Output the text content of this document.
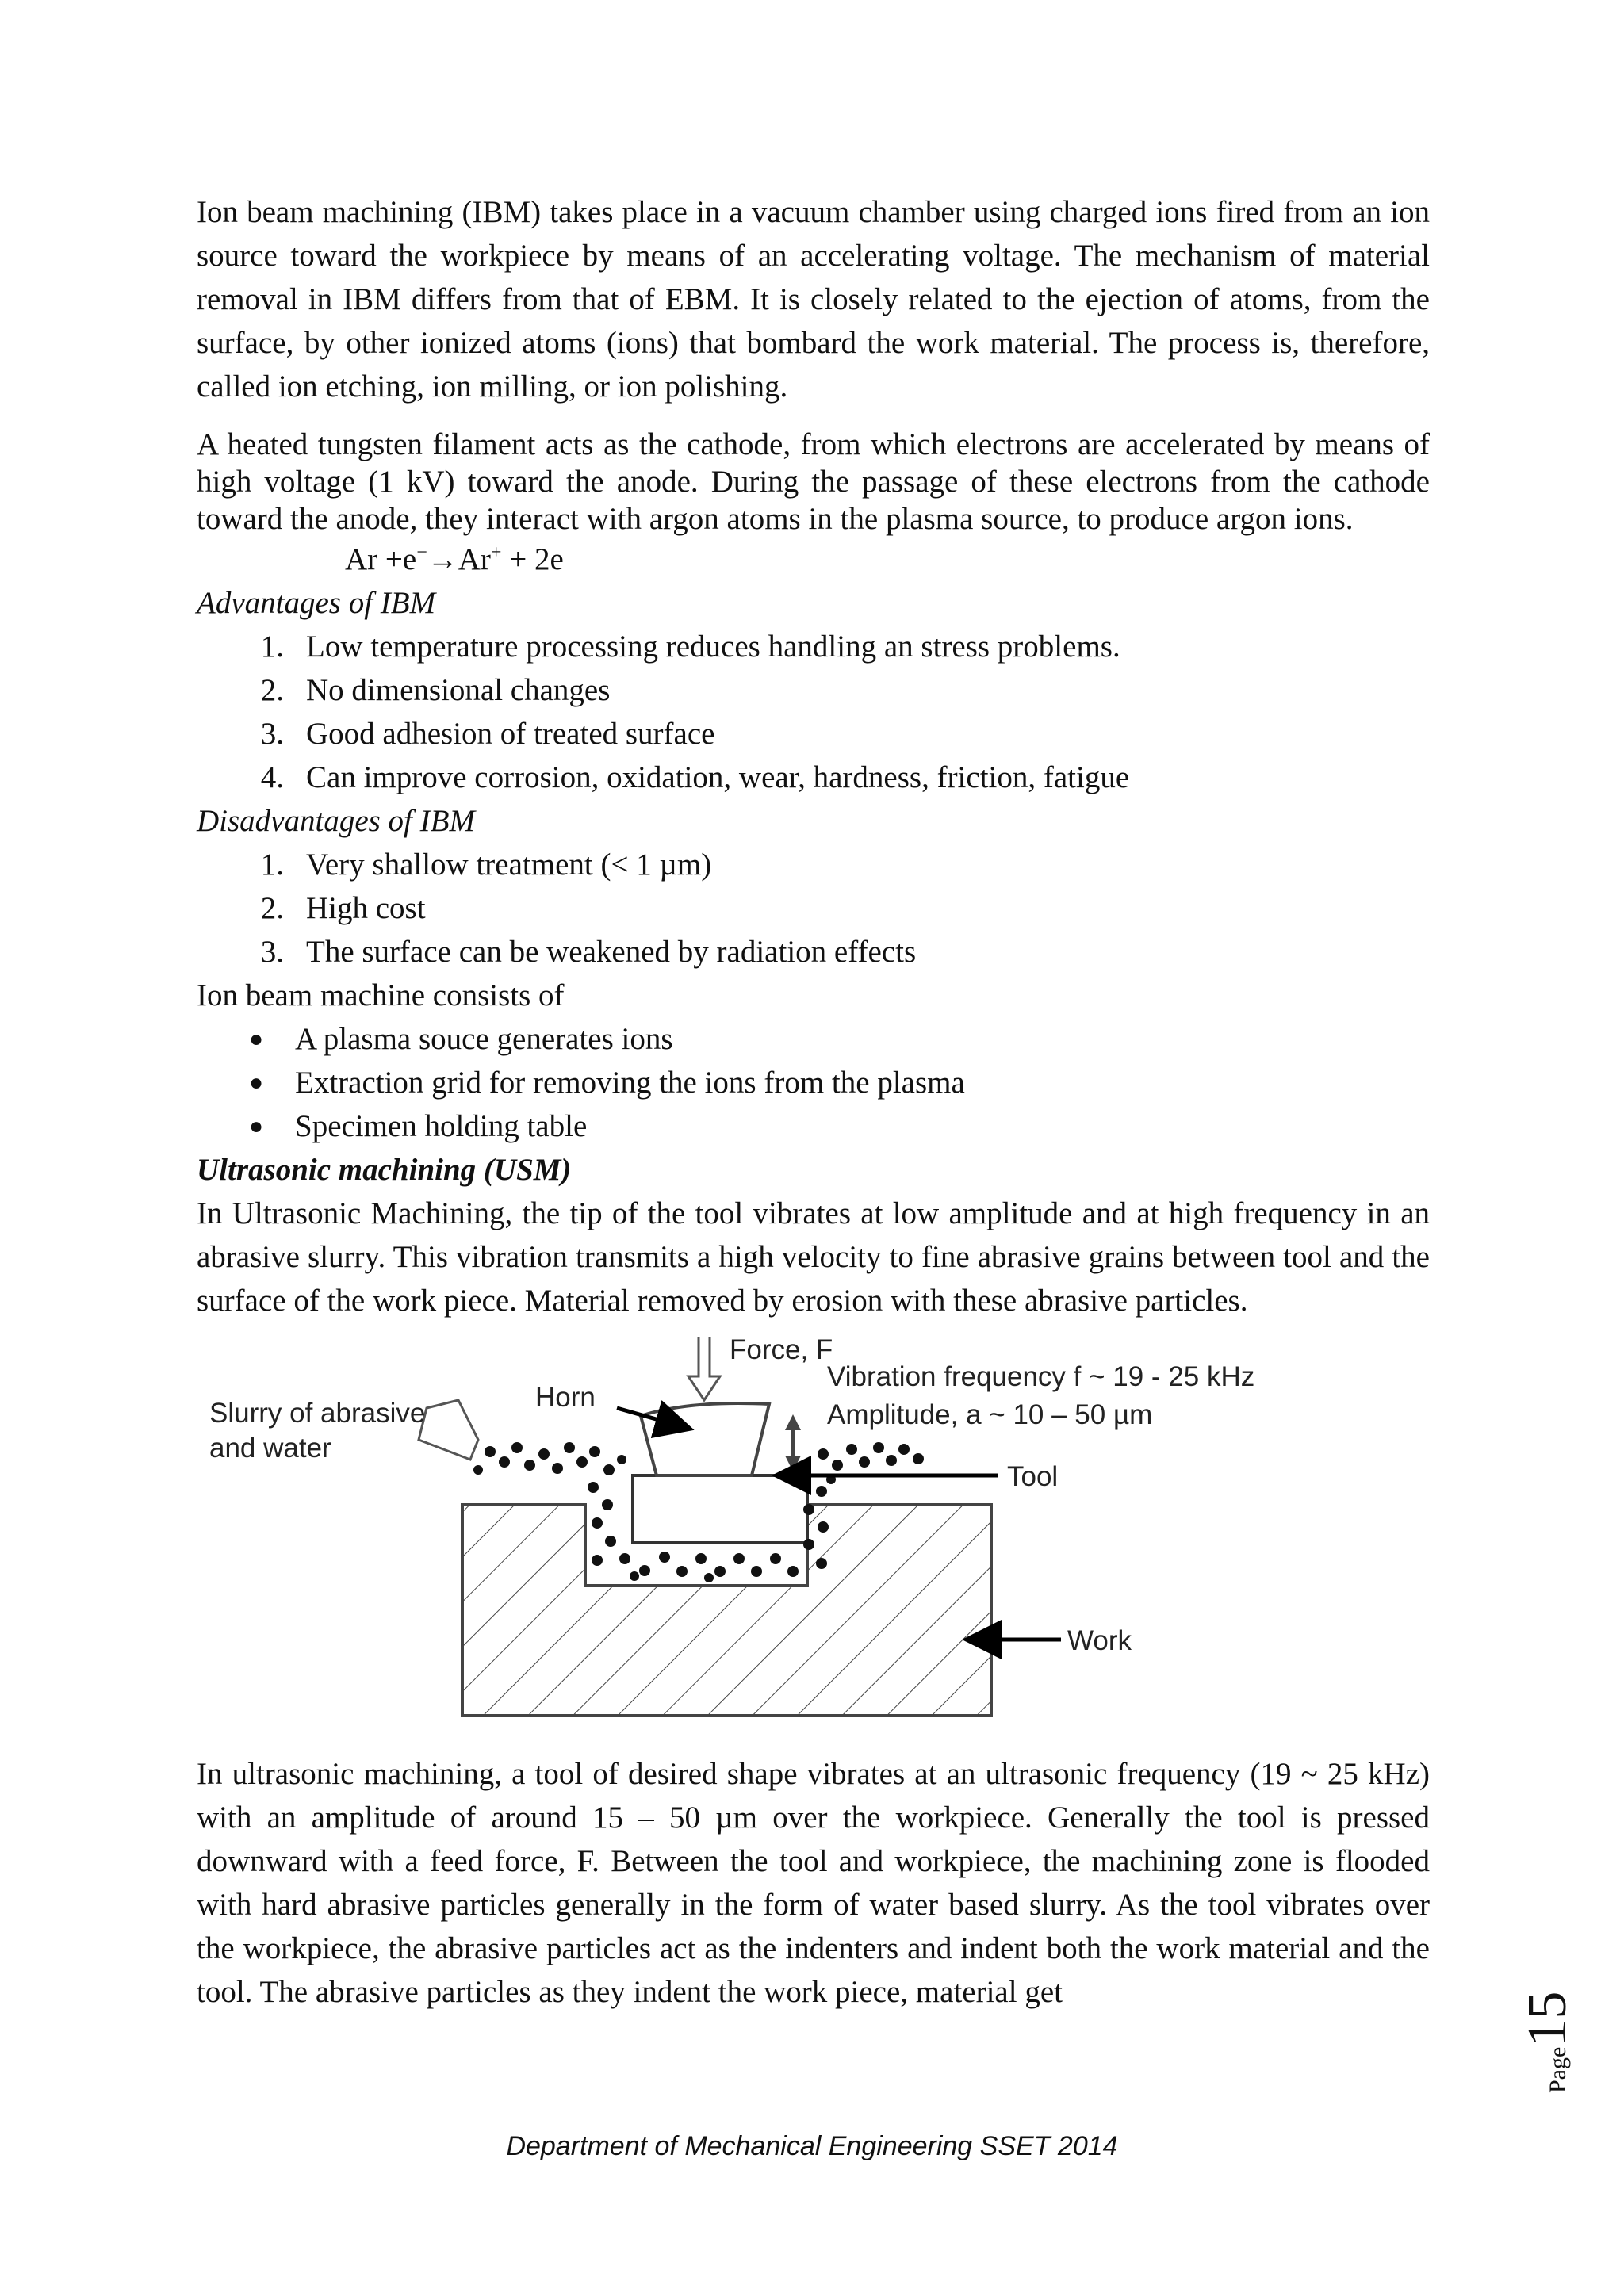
Ion beam machining (IBM) takes place in a vacuum chamber using charged ions fired from an ion source toward the workpiece by means of an accelerating voltage. The mechanism of material removal in IBM differs from that of EBM. It is closely related to the ejection of atoms, from the surface, by other ionized atoms (ions) that bombard the work material. The process is, therefore, called ion etching, ion milling, or ion polishing.

A heated tungsten filament acts as the cathode, from which electrons are accelerated by means of high voltage (1 kV) toward the anode. During the passage of these electrons from the cathode toward the anode, they interact with argon atoms in the plasma source, to produce argon ions.

Ar +e−→Ar+ + 2e

Advantages of IBM

1. Low temperature processing reduces handling an stress problems.
2. No dimensional changes
3. Good adhesion of treated surface
4. Can improve corrosion, oxidation, wear, hardness, friction, fatigue

Disadvantages of IBM

1. Very shallow treatment (< 1 µm)
2. High cost
3. The surface can be weakened by radiation effects

Ion beam machine consists of

● A plasma souce generates ions
● Extraction grid for removing the ions from the plasma
● Specimen holding table

Ultrasonic machining (USM)

In Ultrasonic Machining, the tip of the tool vibrates at low amplitude and at high frequency in an abrasive slurry. This vibration transmits a high velocity to fine abrasive grains between tool and the surface of the work piece. Material removed by erosion with these abrasive particles.

Force, F
Vibration frequency f ~ 19 - 25 kHz
Amplitude, a ~ 10 – 50 µm
Horn
Slurry of abrasive
and water
Tool
Work

In ultrasonic machining, a tool of desired shape vibrates at an ultrasonic frequency (19 ~ 25 kHz) with an amplitude of around 15 – 50 µm over the workpiece. Generally the tool is pressed downward with a feed force, F. Between the tool and workpiece, the machining zone is flooded with hard abrasive particles generally in the form of water based slurry. As the tool vibrates over the workpiece, the abrasive particles act as the indenters and indent both the work material and the tool. The abrasive particles as they indent the work piece, material get

Page15
Department of Mechanical Engineering SSET 2014
